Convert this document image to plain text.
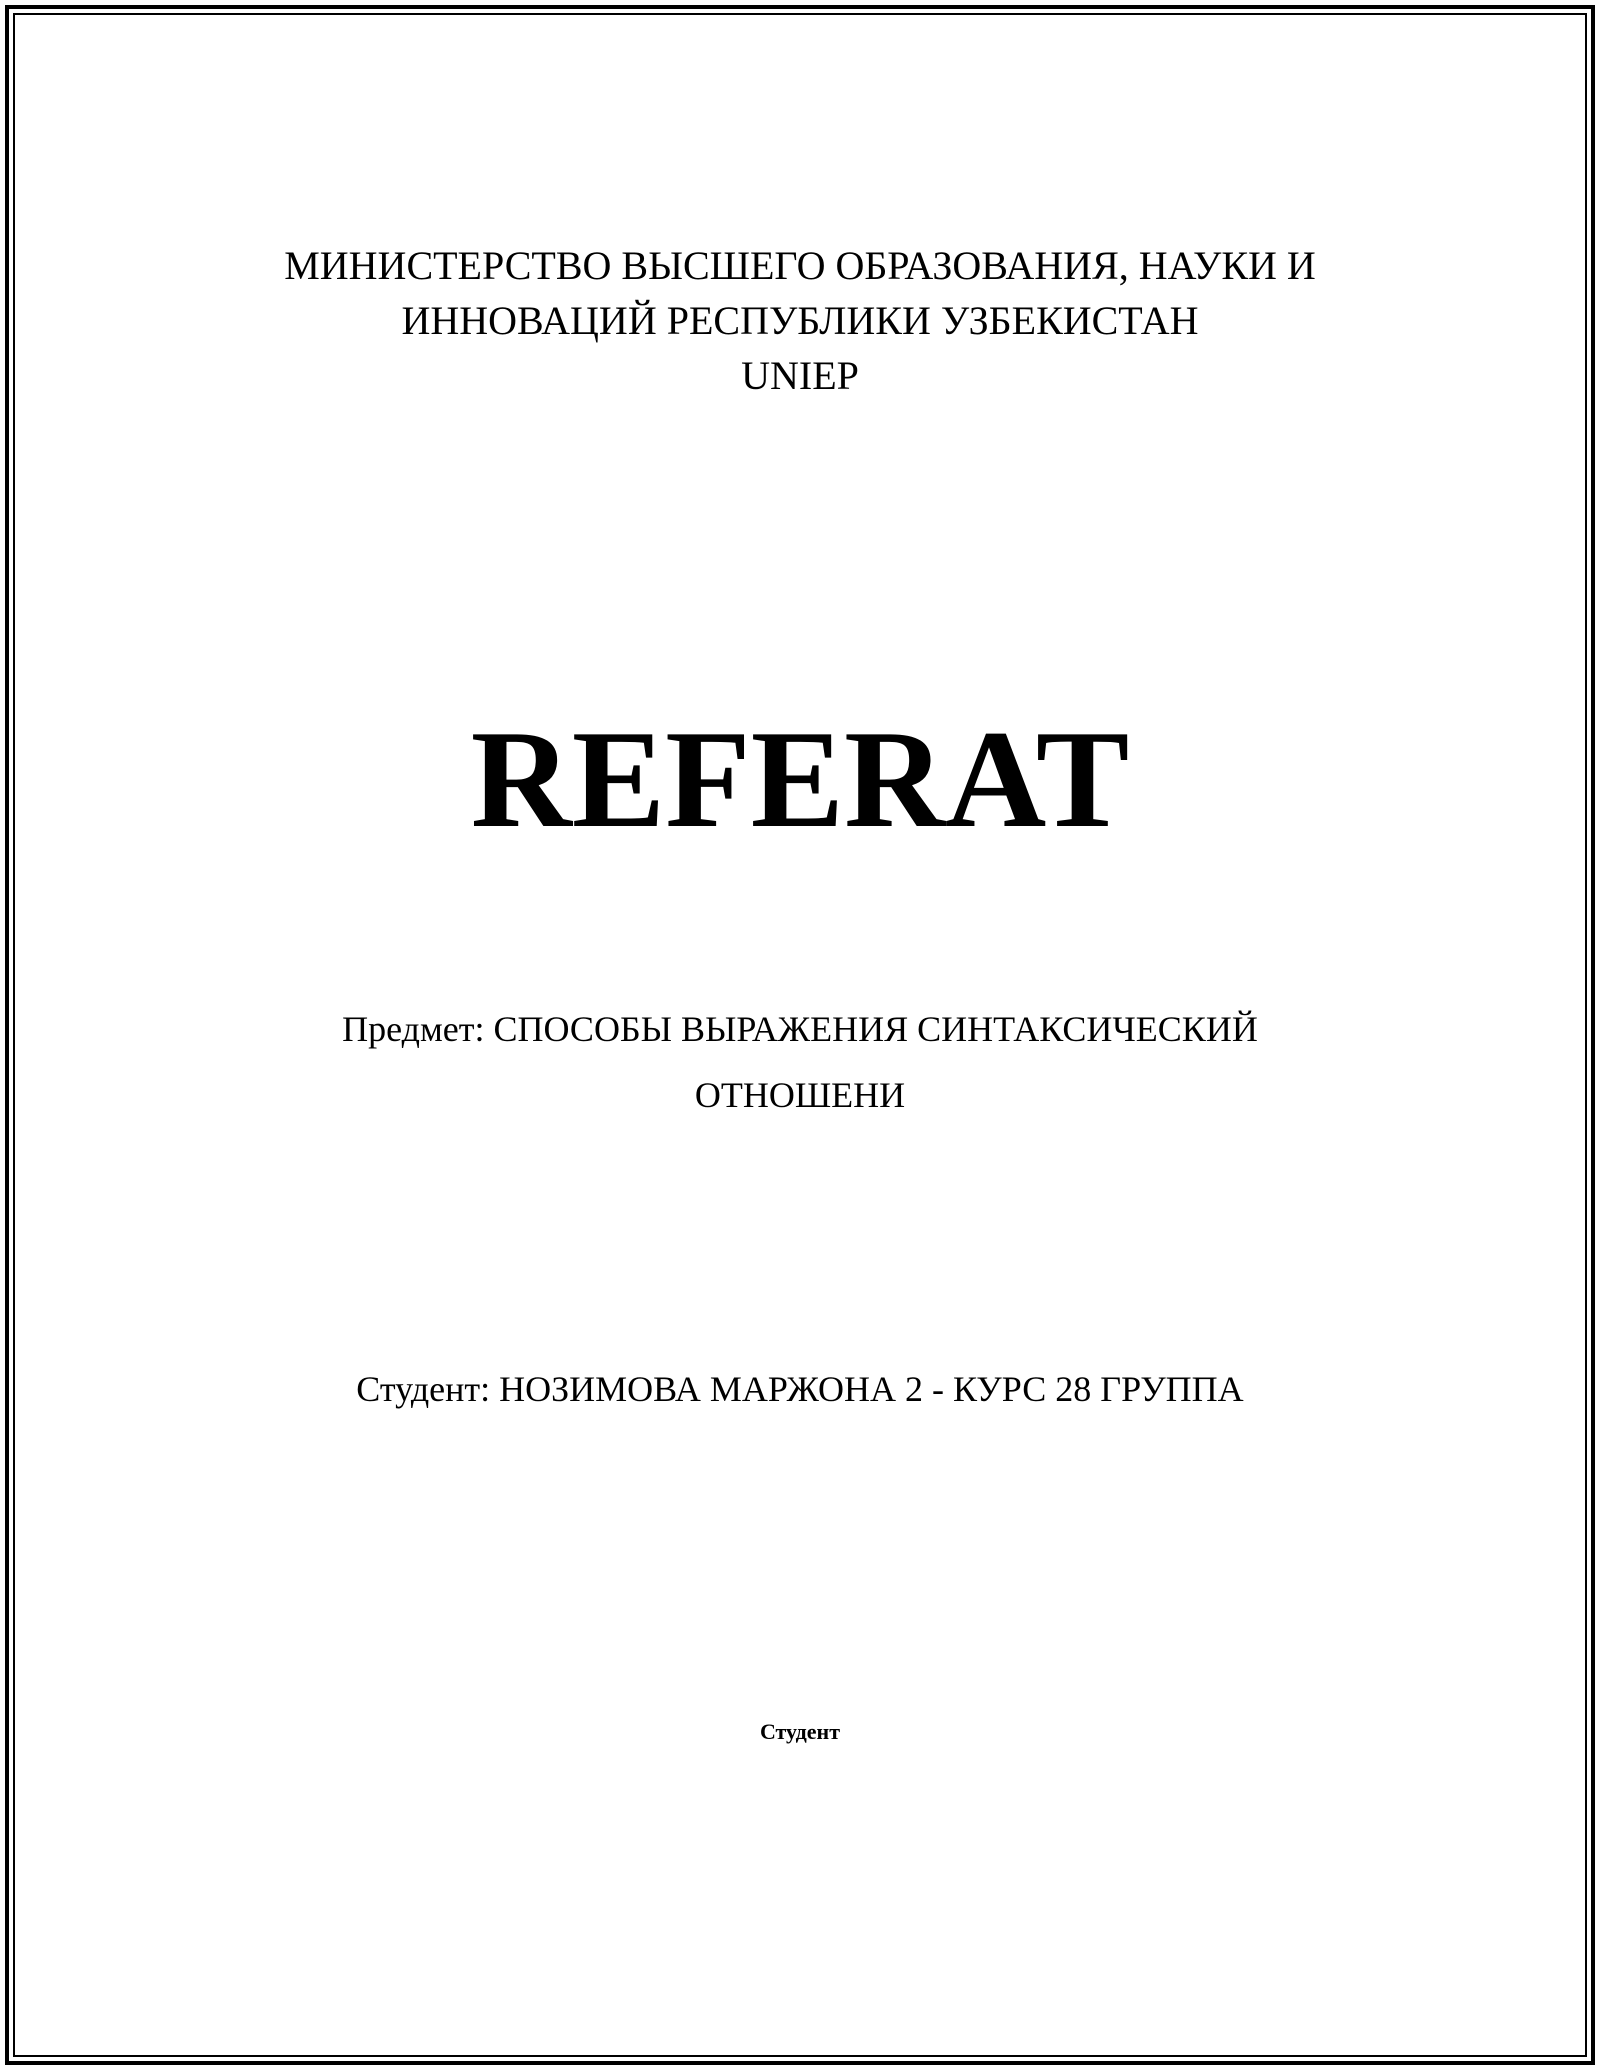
МИНИСТЕРСТВО ВЫСШЕГО ОБРАЗОВАНИЯ, НАУКИ И
ИННОВАЦИЙ РЕСПУБЛИКИ УЗБЕКИСТАН
UNIEP
REFERAT
Предмет: СПОСОБЫ ВЫРАЖЕНИЯ СИНТАКСИЧЕСКИЙ
ОТНОШЕНИ
Студент: НОЗИМОВА МАРЖОНА 2 - КУРС 28 ГРУППА
Студент
